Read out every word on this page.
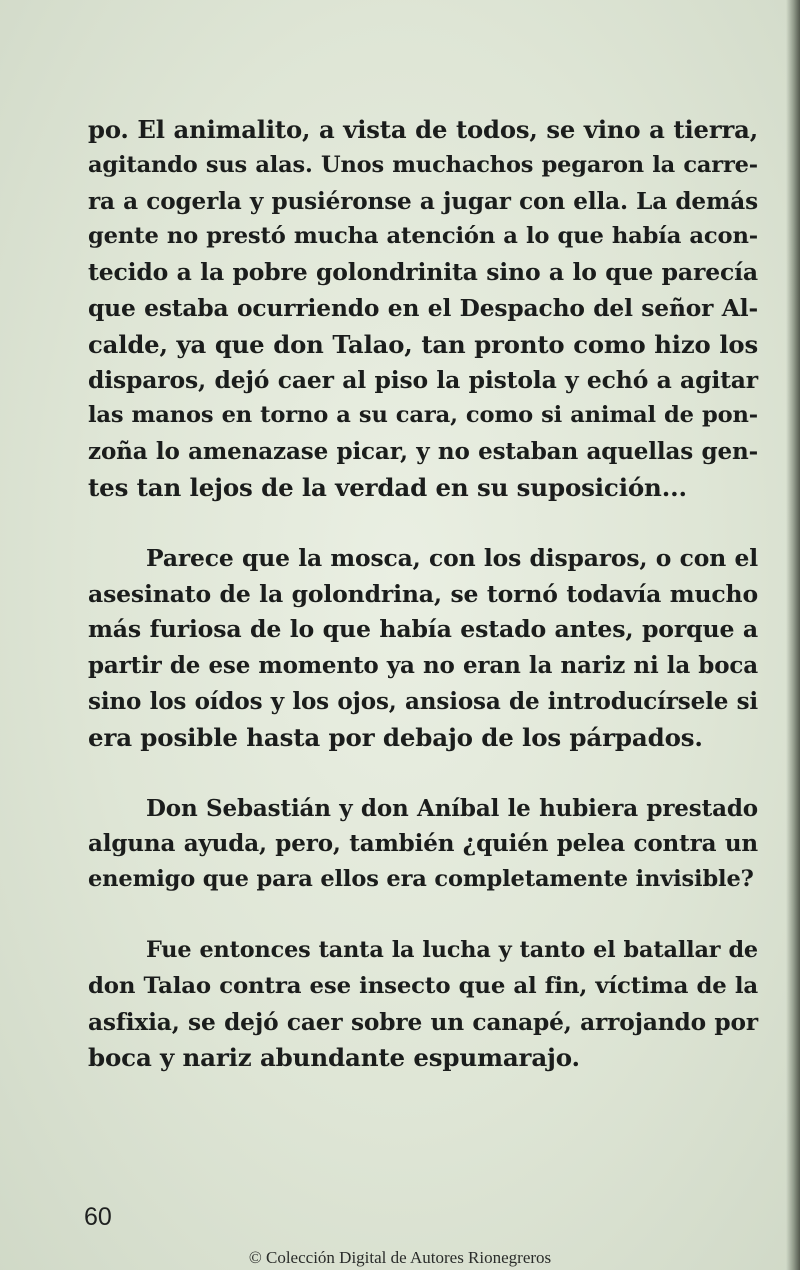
po. El animalito, a vista de todos, se vino a tierra,
agitando sus alas. Unos muchachos pegaron la carre-
ra a cogerla y pusiéronse a jugar con ella. La demás
gente no prestó mucha atención a lo que había acon-
tecido a la pobre golondrinita sino a lo que parecía
que estaba ocurriendo en el Despacho del señor Al-
calde, ya que don Talao, tan pronto como hizo los
disparos, dejó caer al piso la pistola y echó a agitar
las manos en torno a su cara, como si animal de pon-
zoña lo amenazase picar, y no estaban aquellas gen-
tes tan lejos de la verdad en su suposición...

Parece que la mosca, con los disparos, o con el
asesinato de la golondrina, se tornó todavía mucho
más furiosa de lo que había estado antes, porque a
partir de ese momento ya no eran la nariz ni la boca
sino los oídos y los ojos, ansiosa de introducírsele si
era posible hasta por debajo de los párpados.

Don Sebastián y don Aníbal le hubiera prestado
alguna ayuda, pero, también ¿quién pelea contra un
enemigo que para ellos era completamente invisible?

Fue entonces tanta la lucha y tanto el batallar de
don Talao contra ese insecto que al fin, víctima de la
asfixia, se dejó caer sobre un canapé, arrojando por
boca y nariz abundante espumarajo.

60
© Colección Digital de Autores Rionegreros
